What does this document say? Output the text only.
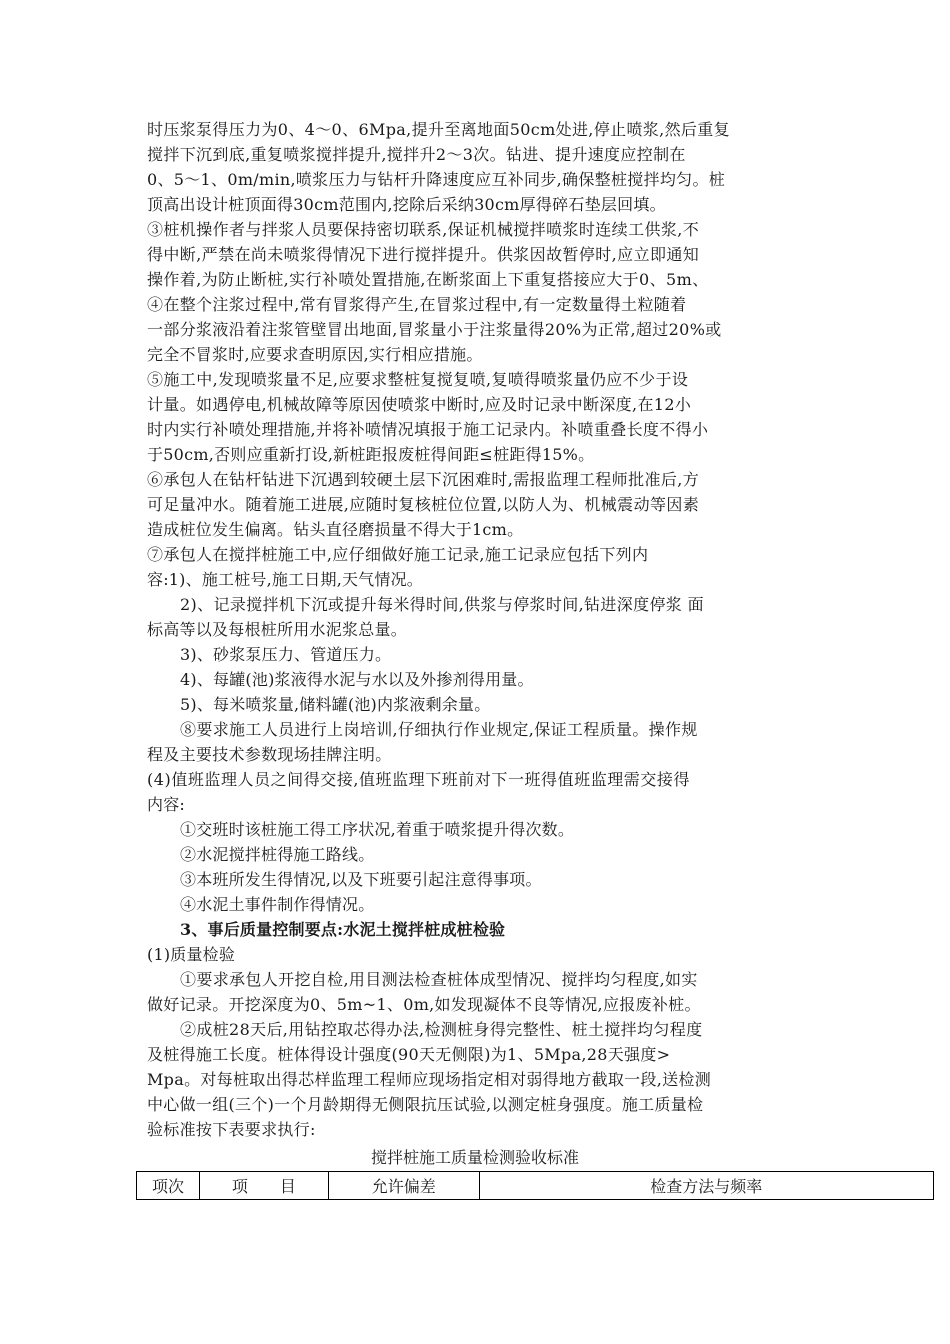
时压浆泵得压力为0、4～0、6Mpa,提升至离地面50cm处进,停止喷浆,然后重复
搅拌下沉到底,重复喷浆搅拌提升,搅拌升2～3次。钻进、提升速度应控制在
0、5～1、0m/min,喷浆压力与钻杆升降速度应互补同步,确保整桩搅拌均匀。桩
顶高出设计桩顶面得30cm范围内,挖除后采纳30cm厚得碎石垫层回填。
③桩机操作者与拌浆人员要保持密切联系,保证机械搅拌喷浆时连续工供浆,不
得中断,严禁在尚未喷浆得情况下进行搅拌提升。供浆因故暂停时,应立即通知
操作着,为防止断桩,实行补喷处置措施,在断浆面上下重复搭接应大于0、5m、
④在整个注浆过程中,常有冒浆得产生,在冒浆过程中,有一定数量得土粒随着
一部分浆液沿着注浆管壁冒出地面,冒浆量小于注浆量得20%为正常,超过20%或
完全不冒浆时,应要求查明原因,实行相应措施。
⑤施工中,发现喷浆量不足,应要求整桩复搅复喷,复喷得喷浆量仍应不少于设
计量。如遇停电,机械故障等原因使喷浆中断时,应及时记录中断深度,在12小
时内实行补喷处理措施,并将补喷情况填报于施工记录内。补喷重叠长度不得小
于50cm,否则应重新打设,新桩距报废桩得间距≤桩距得15%。
⑥承包人在钻杆钻进下沉遇到较硬土层下沉困难时,需报监理工程师批准后,方
可足量冲水。随着施工进展,应随时复核桩位位置,以防人为、机械震动等因素
造成桩位发生偏离。钻头直径磨损量不得大于1cm。
⑦承包人在搅拌桩施工中,应仔细做好施工记录,施工记录应包括下列内
容:1)、施工桩号,施工日期,天气情况。
2)、记录搅拌机下沉或提升每米得时间,供浆与停浆时间,钻进深度停浆 面
标高等以及每根桩所用水泥浆总量。
3)、砂浆泵压力、管道压力。
4)、每罐(池)浆液得水泥与水以及外掺剂得用量。
5)、每米喷浆量,储料罐(池)内浆液剩余量。
⑧要求施工人员进行上岗培训,仔细执行作业规定,保证工程质量。操作规
程及主要技术参数现场挂牌注明。
(4)值班监理人员之间得交接,值班监理下班前对下一班得值班监理需交接得
内容:
①交班时该桩施工得工序状况,着重于喷浆提升得次数。
②水泥搅拌桩得施工路线。
③本班所发生得情况,以及下班要引起注意得事项。
④水泥土事件制作得情况。
3、事后质量控制要点:水泥土搅拌桩成桩检验
(1)质量检验
①要求承包人开挖自检,用目测法检查桩体成型情况、搅拌均匀程度,如实
做好记录。开挖深度为0、5m~1、0m,如发现凝体不良等情况,应报废补桩。
②成桩28天后,用钻控取芯得办法,检测桩身得完整性、桩土搅拌均匀程度
及桩得施工长度。桩体得设计强度(90天无侧限)为1、5Mpa,28天强度>
Mpa。对每桩取出得芯样监理工程师应现场指定相对弱得地方截取一段,送检测
中心做一组(三个)一个月龄期得无侧限抗压试验,以测定桩身强度。施工质量检
验标准按下表要求执行:
搅拌桩施工质量检测验收标准
项次	项　　目	允许偏差	检查方法与频率
